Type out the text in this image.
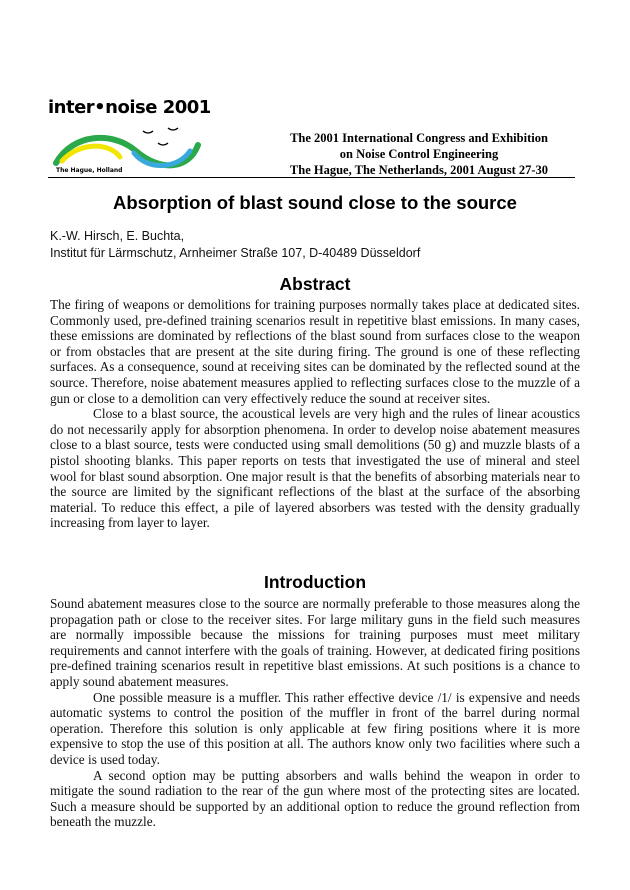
inter•noise 2001
The Hague, Holland
The 2001 International Congress and Exhibition
on Noise Control Engineering
The Hague, The Netherlands, 2001 August 27-30
Absorption of blast sound close to the source
K.-W. Hirsch, E. Buchta,
Institut für Lärmschutz, Arnheimer Straße 107, D-40489 Düsseldorf
Abstract

The firing of weapons or demolitions for training purposes normally takes place at dedicated sites. Commonly used, pre-defined training scenarios result in repetitive blast emissions. In many cases, these emissions are dominated by reflections of the blast sound from surfaces close to the weapon or from obstacles that are present at the site during firing. The ground is one of these reflecting surfaces. As a consequence, sound at receiving sites can be dominated by the reflected sound at the source. Therefore, noise abatement measures applied to reflecting surfaces close to the muzzle of a gun or close to a demolition can very effectively reduce the sound at receiver sites.

Close to a blast source, the acoustical levels are very high and the rules of linear acoustics do not necessarily apply for absorption phenomena. In order to develop noise abatement measures close to a blast source, tests were conducted using small demolitions (50 g) and muzzle blasts of a pistol shooting blanks. This paper reports on tests that investigated the use of mineral and steel wool for blast sound absorption. One major result is that the benefits of absorbing materials near to the source are limited by the significant reflections of the blast at the surface of the absorbing material. To reduce this effect, a pile of layered absorbers was tested with the density gradually increasing from layer to layer.

Introduction

Sound abatement measures close to the source are normally preferable to those measures along the propagation path or close to the receiver sites. For large military guns in the field such measures are normally impossible because the missions for training purposes must meet military requirements and cannot interfere with the goals of training. However, at dedicated firing positions pre-defined training scenarios result in repetitive blast emissions. At such positions is a chance to apply sound abatement measures.

One possible measure is a muffler. This rather effective device /1/ is expensive and needs automatic systems to control the position of the muffler in front of the barrel during normal operation. Therefore this solution is only applicable at few firing positions where it is more expensive to stop the use of this position at all. The authors know only two facilities where such a device is used today.

A second option may be putting absorbers and walls behind the weapon in order to mitigate the sound radiation to the rear of the gun where most of the protecting sites are located. Such a measure should be supported by an additional option to reduce the ground reflection from beneath the muzzle.
